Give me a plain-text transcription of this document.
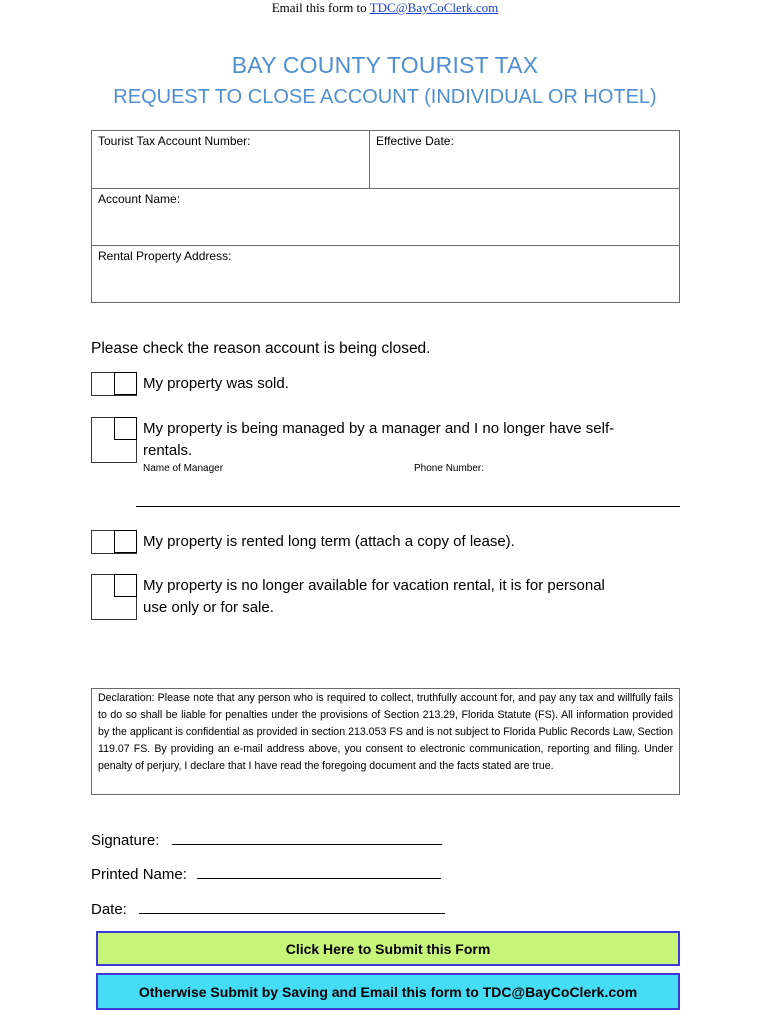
Email this form to TDC@BayCoClerk.com
BAY COUNTY TOURIST TAX
REQUEST TO CLOSE ACCOUNT (INDIVIDUAL OR HOTEL)
Tourist Tax Account Number:	Effective Date:
Account Name:
Rental Property Address:
Please check the reason account is being closed.
My property was sold.
My property is being managed by a manager and I no longer have self-
rentals.
Name of Manager	Phone Number:
My property is rented long term (attach a copy of lease).
My property is no longer available for vacation rental, it is for personal
use only or for sale.
Declaration: Please note that any person who is required to collect, truthfully account for, and pay any tax and willfully fails to do so shall be liable for penalties under the provisions of Section 213.29, Florida Statute (FS). All information provided by the applicant is confidential as provided in section 213.053 FS and is not subject to Florida Public Records Law, Section 119.07 FS. By providing an e-mail address above, you consent to electronic communication, reporting and filing. Under penalty of perjury, I declare that I have read the foregoing document and the facts stated are true.
Signature:
Printed Name:
Date:
Click Here to Submit this Form
Otherwise Submit by Saving and Email this form to TDC@BayCoClerk.com
